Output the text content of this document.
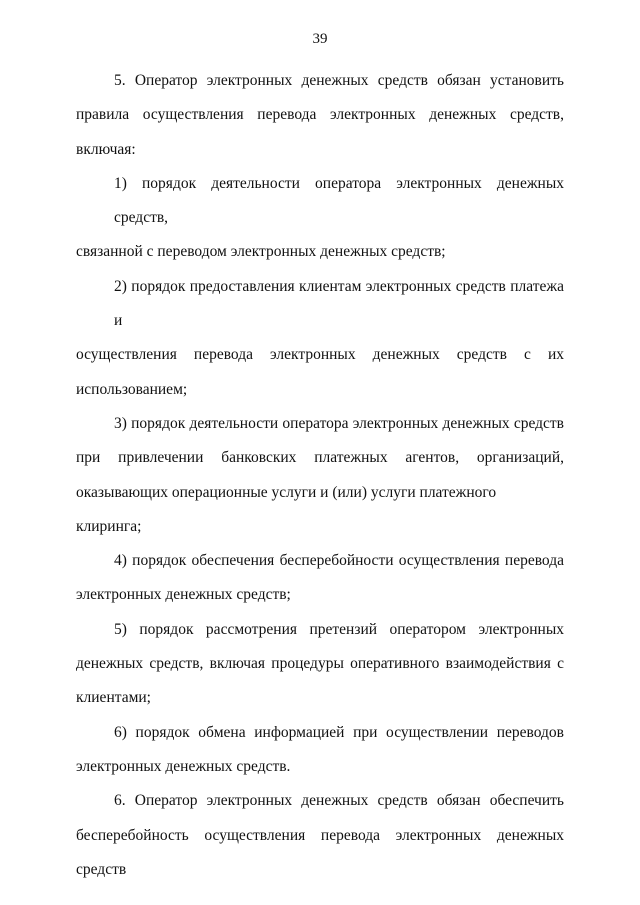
39
5. Оператор электронных денежных средств обязан установить
правила осуществления перевода электронных денежных средств,
включая:
1) порядок деятельности оператора электронных денежных средств,
связанной с переводом электронных денежных средств;
2) порядок предоставления клиентам электронных средств платежа и
осуществления перевода электронных денежных средств с их
использованием;
3) порядок деятельности оператора электронных денежных средств
при привлечении банковских платежных агентов, организаций,
оказывающих операционные услуги и (или) услуги платежного клиринга;
4) порядок обеспечения бесперебойности осуществления перевода
электронных денежных средств;
5) порядок рассмотрения претензий оператором электронных
денежных средств, включая процедуры оперативного взаимодействия с
клиентами;
6) порядок обмена информацией при осуществлении переводов
электронных денежных средств.
6. Оператор электронных денежных средств обязан обеспечить
бесперебойность осуществления перевода электронных денежных средств
